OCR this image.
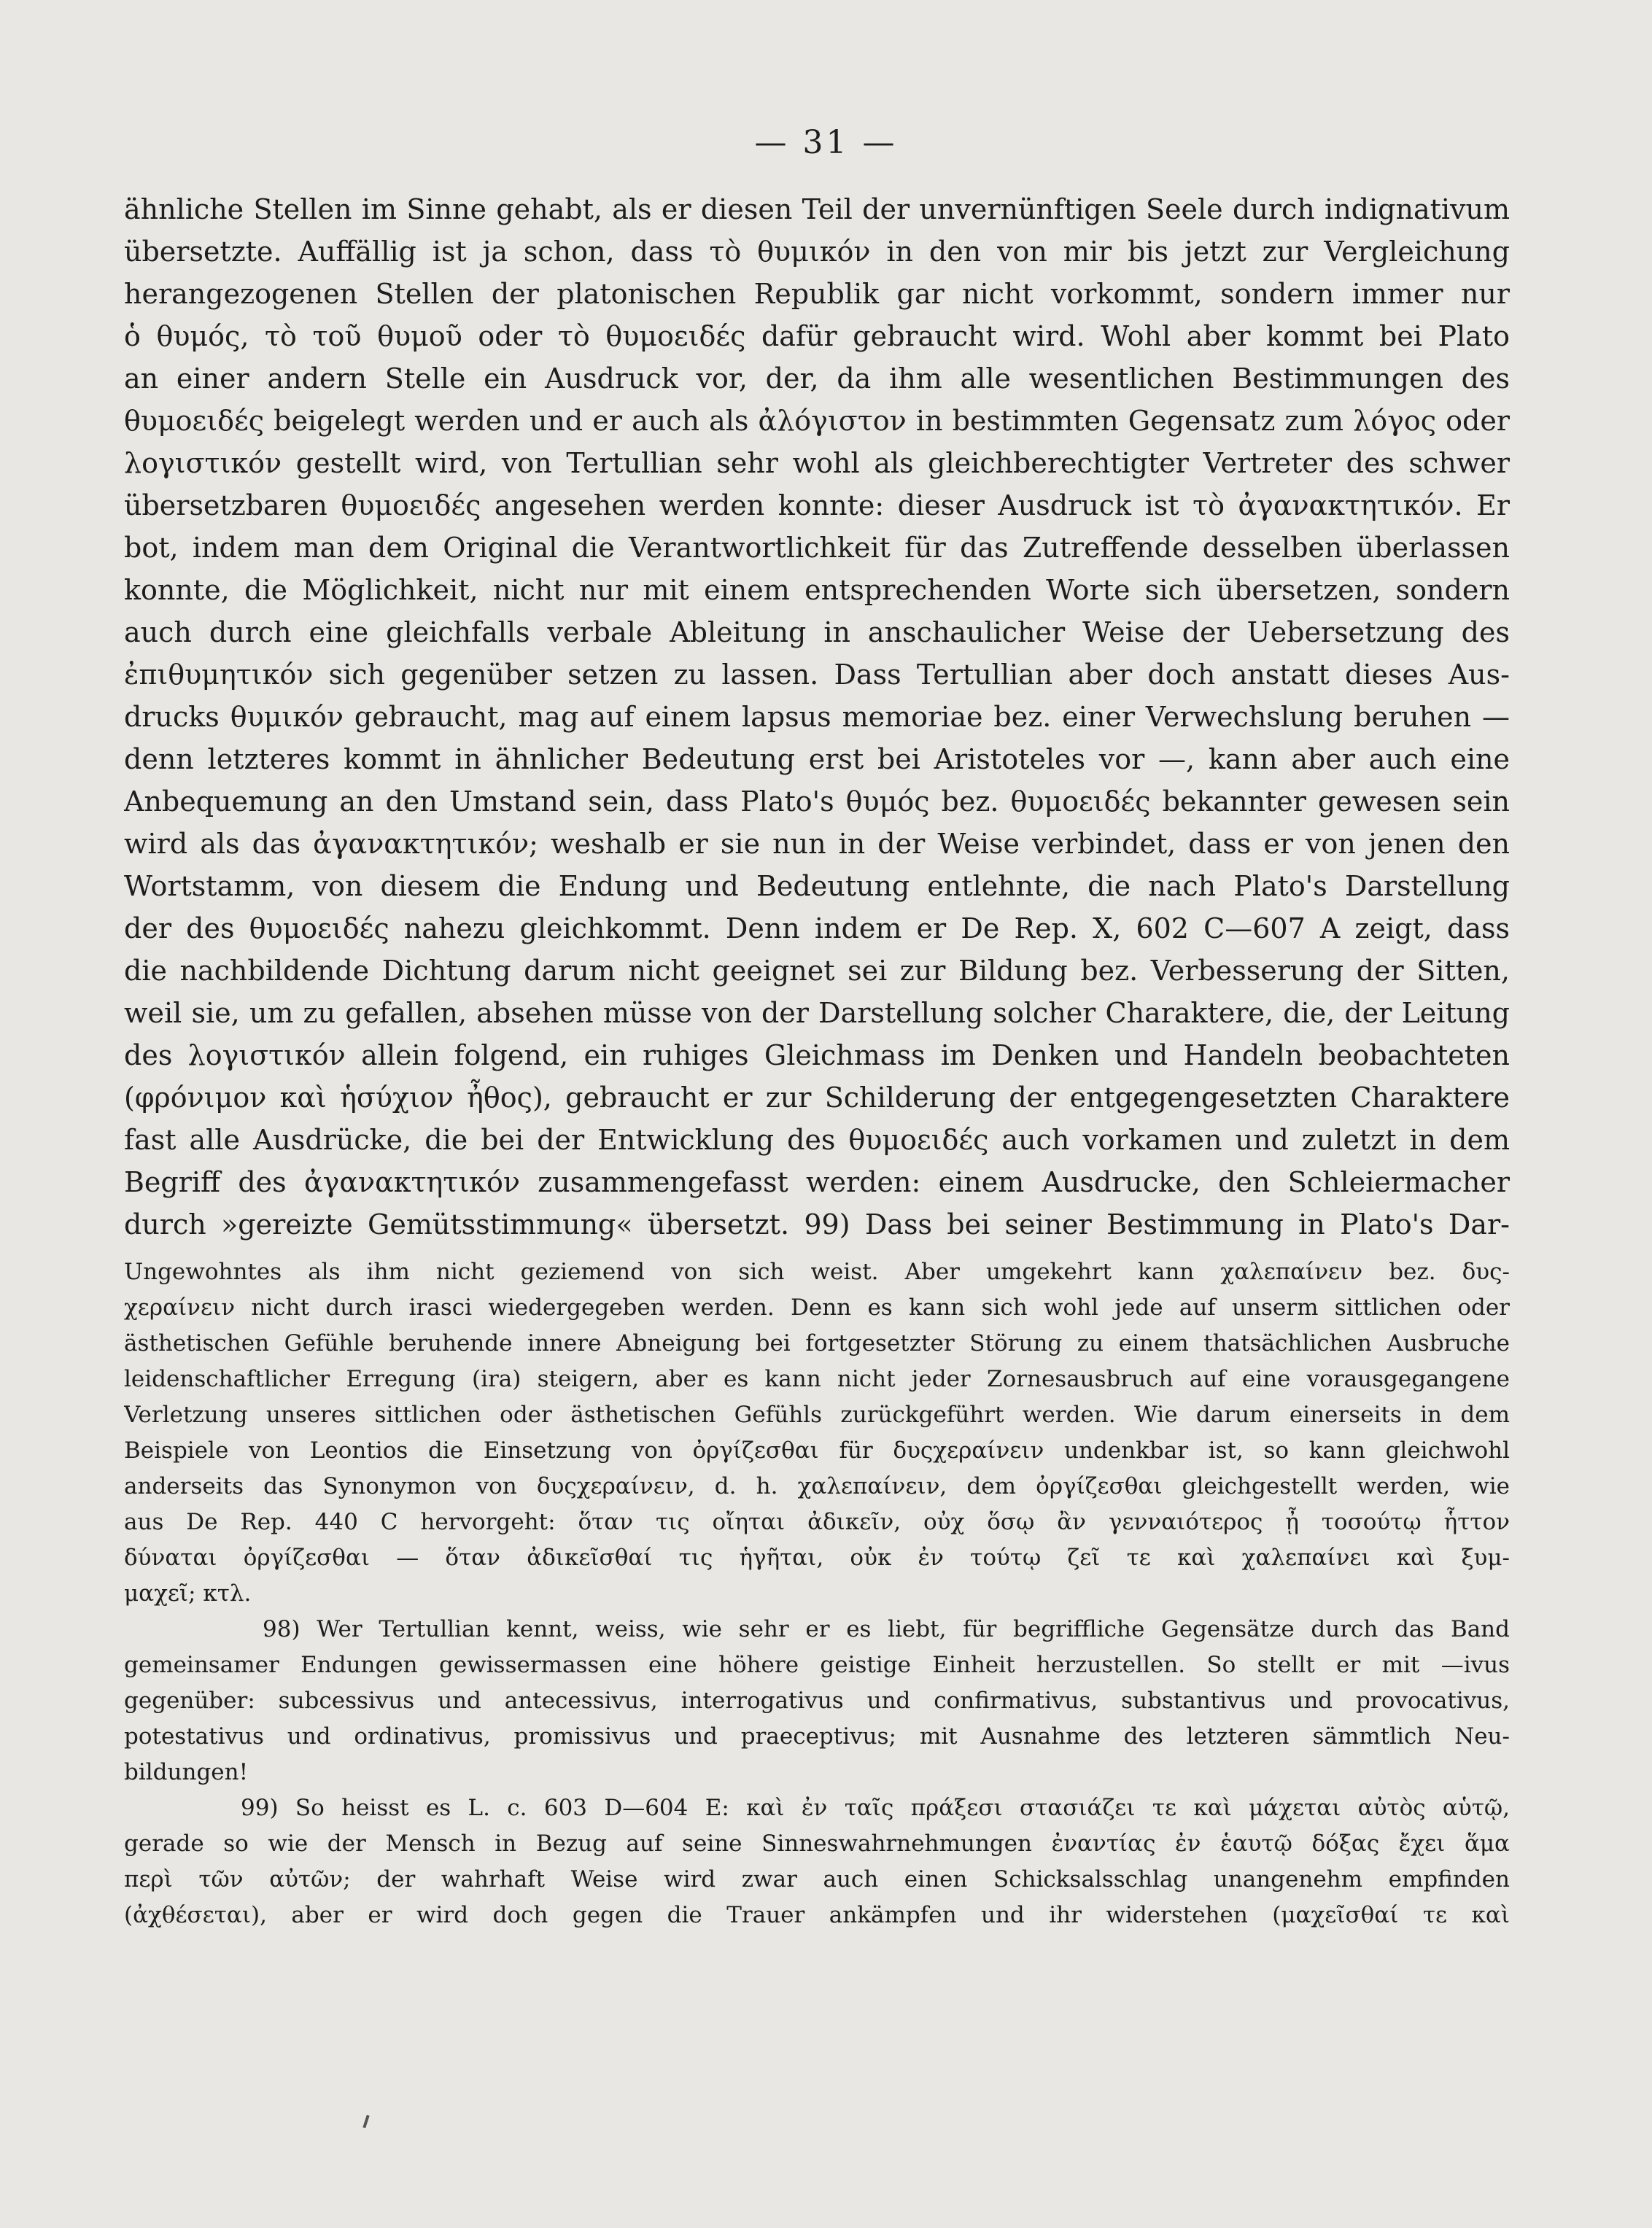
— 31 —
ähnliche Stellen im Sinne gehabt, als er diesen Teil der unvernünftigen Seele durch indignativum
übersetzte. Auffällig ist ja schon, dass τὸ θυμικόν in den von mir bis jetzt zur Vergleichung
herangezogenen Stellen der platonischen Republik gar nicht vorkommt, sondern immer nur
ὁ θυμός, τὸ τοῦ θυμοῦ oder τὸ θυμοειδές dafür gebraucht wird. Wohl aber kommt bei Plato
an einer andern Stelle ein Ausdruck vor, der, da ihm alle wesentlichen Bestimmungen des
θυμοειδές beigelegt werden und er auch als ἀλόγιστον in bestimmten Gegensatz zum λόγος oder
λογιστικόν gestellt wird, von Tertullian sehr wohl als gleichberechtigter Vertreter des schwer
übersetzbaren θυμοειδές angesehen werden konnte: dieser Ausdruck ist τὸ ἀγανακτητικόν. Er
bot, indem man dem Original die Verantwortlichkeit für das Zutreffende desselben überlassen
konnte, die Möglichkeit, nicht nur mit einem entsprechenden Worte sich übersetzen, sondern
auch durch eine gleichfalls verbale Ableitung in anschaulicher Weise der Uebersetzung des
ἐπιθυμητικόν sich gegenüber setzen zu lassen. Dass Tertullian aber doch anstatt dieses Aus-
drucks θυμικόν gebraucht, mag auf einem lapsus memoriae bez. einer Verwechslung beruhen —
denn letzteres kommt in ähnlicher Bedeutung erst bei Aristoteles vor —, kann aber auch eine
Anbequemung an den Umstand sein, dass Plato's θυμός bez. θυμοειδές bekannter gewesen sein
wird als das ἀγανακτητικόν; weshalb er sie nun in der Weise verbindet, dass er von jenen den
Wortstamm, von diesem die Endung und Bedeutung entlehnte, die nach Plato's Darstellung
der des θυμοειδές nahezu gleichkommt. Denn indem er De Rep. X, 602 C—607 A zeigt, dass
die nachbildende Dichtung darum nicht geeignet sei zur Bildung bez. Verbesserung der Sitten,
weil sie, um zu gefallen, absehen müsse von der Darstellung solcher Charaktere, die, der Leitung
des λογιστικόν allein folgend, ein ruhiges Gleichmass im Denken und Handeln beobachteten
(φρόνιμον καὶ ἡσύχιον ἦθος), gebraucht er zur Schilderung der entgegengesetzten Charaktere
fast alle Ausdrücke, die bei der Entwicklung des θυμοειδές auch vorkamen und zuletzt in dem
Begriff des ἀγανακτητικόν zusammengefasst werden: einem Ausdrucke, den Schleiermacher
durch »gereizte Gemütsstimmung« übersetzt. 99) Dass bei seiner Bestimmung in Plato's Dar-
Ungewohntes als ihm nicht geziemend von sich weist. Aber umgekehrt kann χαλεπαίνειν bez. δυς-
χεραίνειν nicht durch irasci wiedergegeben werden. Denn es kann sich wohl jede auf unserm sittlichen oder
ästhetischen Gefühle beruhende innere Abneigung bei fortgesetzter Störung zu einem thatsächlichen Ausbruche
leidenschaftlicher Erregung (ira) steigern, aber es kann nicht jeder Zornesausbruch auf eine vorausgegangene
Verletzung unseres sittlichen oder ästhetischen Gefühls zurückgeführt werden. Wie darum einerseits in dem
Beispiele von Leontios die Einsetzung von ὀργίζεσθαι für δυςχεραίνειν undenkbar ist, so kann gleichwohl
anderseits das Synonymon von δυςχεραίνειν, d. h. χαλεπαίνειν, dem ὀργίζεσθαι gleichgestellt werden, wie
aus De Rep. 440 C hervorgeht: ὅταν τις οἴηται ἀδικεῖν, οὐχ ὅσῳ ἂν γενναιότερος ᾖ τοσούτῳ ἧττον
δύναται ὀργίζεσθαι — ὅταν ἀδικεῖσθαί τις ἡγῆται, οὐκ ἐν τούτῳ ζεῖ τε καὶ χαλεπαίνει καὶ ξυμ-
μαχεῖ; κτλ.
98) Wer Tertullian kennt, weiss, wie sehr er es liebt, für begriffliche Gegensätze durch das Band
gemeinsamer Endungen gewissermassen eine höhere geistige Einheit herzustellen. So stellt er mit —ivus
gegenüber: subcessivus und antecessivus, interrogativus und confirmativus, substantivus und provocativus,
potestativus und ordinativus, promissivus und praeceptivus; mit Ausnahme des letzteren sämmtlich Neu-
bildungen!
99) So heisst es L. c. 603 D—604 E: καὶ ἐν ταῖς πράξεσι στασιάζει τε καὶ μάχεται αὐτὸς αὑτῷ,
gerade so wie der Mensch in Bezug auf seine Sinneswahrnehmungen ἐναντίας ἐν ἑαυτῷ δόξας ἔχει ἅμα
περὶ τῶν αὐτῶν; der wahrhaft Weise wird zwar auch einen Schicksalsschlag unangenehm empfinden
(ἀχθέσεται), aber er wird doch gegen die Trauer ankämpfen und ihr widerstehen (μαχεῖσθαί τε καὶ
